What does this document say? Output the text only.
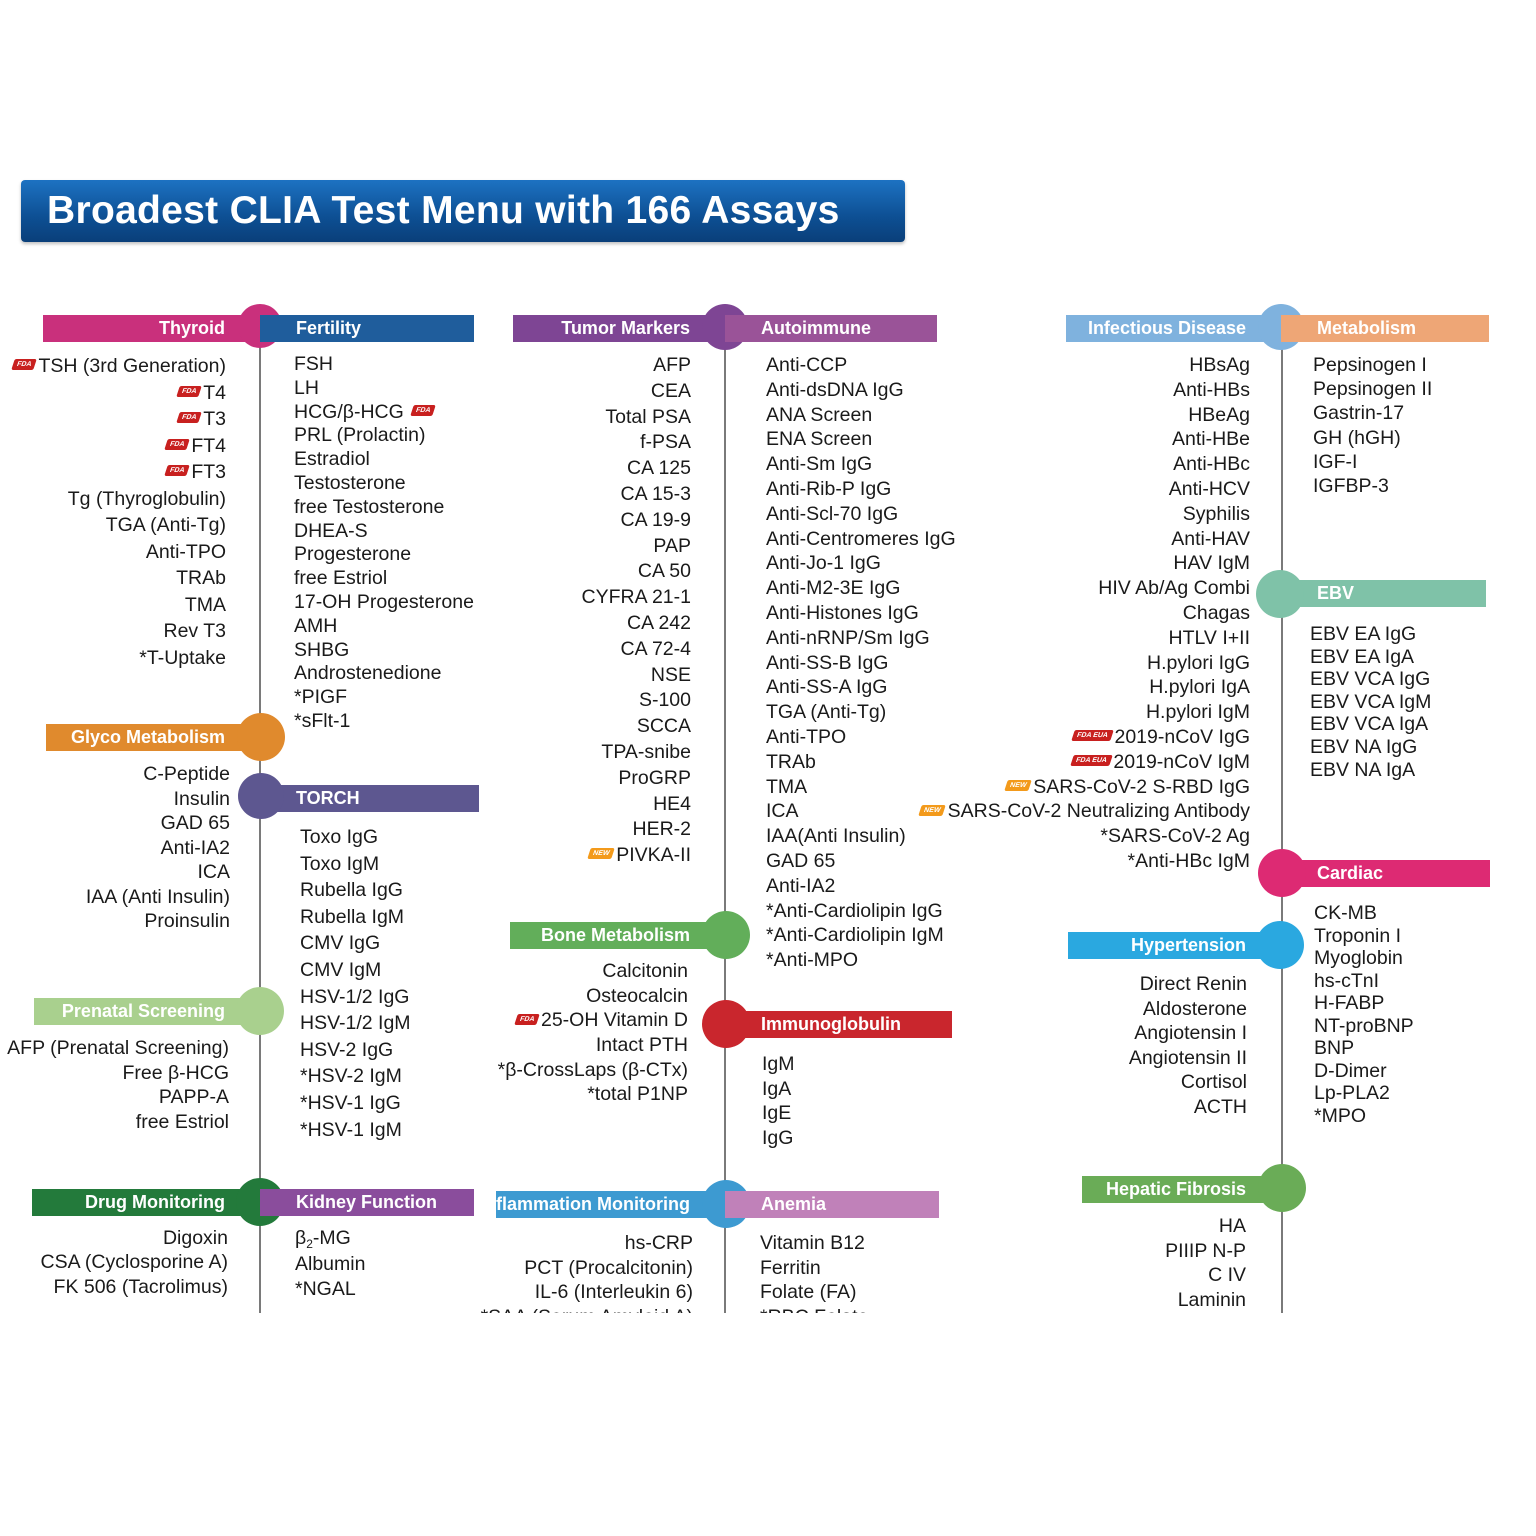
Broadest CLIA Test Menu with 166 Assays
Thyroid
FDA TSH (3rd Generation)
FDA T4
FDA T3
FDA FT4
FDA FT3
Tg (Thyroglobulin)
TGA (Anti-Tg)
Anti-TPO
TRAb
TMA
Rev T3
*T-Uptake
Fertility
FSH
LH
HCG/β-HCG FDA
PRL (Prolactin)
Estradiol
Testosterone
free Testosterone
DHEA-S
Progesterone
free Estriol
17-OH Progesterone
AMH
SHBG
Androstenedione
*PIGF
*sFlt-1
Glyco Metabolism
C-Peptide
Insulin
GAD 65
Anti-IA2
ICA
IAA (Anti Insulin)
Proinsulin
TORCH
Toxo IgG
Toxo IgM
Rubella IgG
Rubella IgM
CMV IgG
CMV IgM
HSV-1/2 IgG
HSV-1/2 IgM
HSV-2 IgG
*HSV-2 IgM
*HSV-1 IgG
*HSV-1 IgM
Prenatal Screening
AFP (Prenatal Screening)
Free β-HCG
PAPP-A
free Estriol
Drug Monitoring
Digoxin
CSA (Cyclosporine A)
FK 506 (Tacrolimus)
Kidney Function
$\beta_2-MG$
Albumin
*NGAL
Tumor Markers
AFP
CEA
Total PSA
f-PSA
CA 125
CA 15-3
CA 19-9
PAP
CA 50
CYFRA 21-1
CA 242
CA 72-4
NSE
S-100
SCCA
TPA-snibe
ProGRP
HE4
HER-2
NEW PIVKA-II
Autoimmune
Anti-CCP
Anti-dsDNA IgG
ANA Screen
ENA Screen
Anti-Sm IgG
Anti-Rib-P IgG
Anti-Scl-70 IgG
Anti-Centromeres IgG
Anti-Jo-1 IgG
Anti-M2-3E IgG
Anti-Histones IgG
Anti-nRNP/Sm IgG
Anti-SS-B IgG
Anti-SS-A IgG
TGA (Anti-Tg)
Anti-TPO
TRAb
TMA
ICA
IAA(Anti Insulin)
GAD 65
Anti-IA2
*Anti-Cardiolipin IgG
*Anti-Cardiolipin IgM
*Anti-MPO
Bone Metabolism
Calcitonin
Osteocalcin
FDA 25-OH Vitamin D
Intact PTH
*β-CrossLaps (β-CTx)
*total P1NP
Immunoglobulin
IgM
IgA
IgE
IgG
Inflammation Monitoring
hs-CRP
PCT (Procalcitonin)
IL-6 (Interleukin 6)
Anemia
Vitamin B12
Ferritin
Folate (FA)
Infectious Disease
HBsAg
Anti-HBs
HBeAg
Anti-HBe
Anti-HBc
Anti-HCV
Syphilis
Anti-HAV
HAV IgM
HIV Ab/Ag Combi
Chagas
HTLV I+II
H.pylori IgG
H.pylori IgA
H.pylori IgM
FDA EUA 2019-nCoV IgG
FDA EUA 2019-nCoV IgM
NEW SARS-CoV-2 S-RBD IgG
NEW SARS-CoV-2 Neutralizing Antibody
*SARS-CoV-2 Ag
*Anti-HBc IgM
Metabolism
Pepsinogen I
Pepsinogen II
Gastrin-17
GH (hGH)
IGF-I
IGFBP-3
EBV
EBV EA IgG
EBV EA IgA
EBV VCA IgG
EBV VCA IgM
EBV VCA IgA
EBV NA IgG
EBV NA IgA
Cardiac
CK-MB
Troponin I
Myoglobin
hs-cTnI
H-FABP
NT-proBNP
BNP
D-Dimer
Lp-PLA2
*MPO
Hypertension
Direct Renin
Aldosterone
Angiotensin I
Angiotensin II
Cortisol
ACTH
Hepatic Fibrosis
HA
PIIIP N-P
C IV
Laminin
